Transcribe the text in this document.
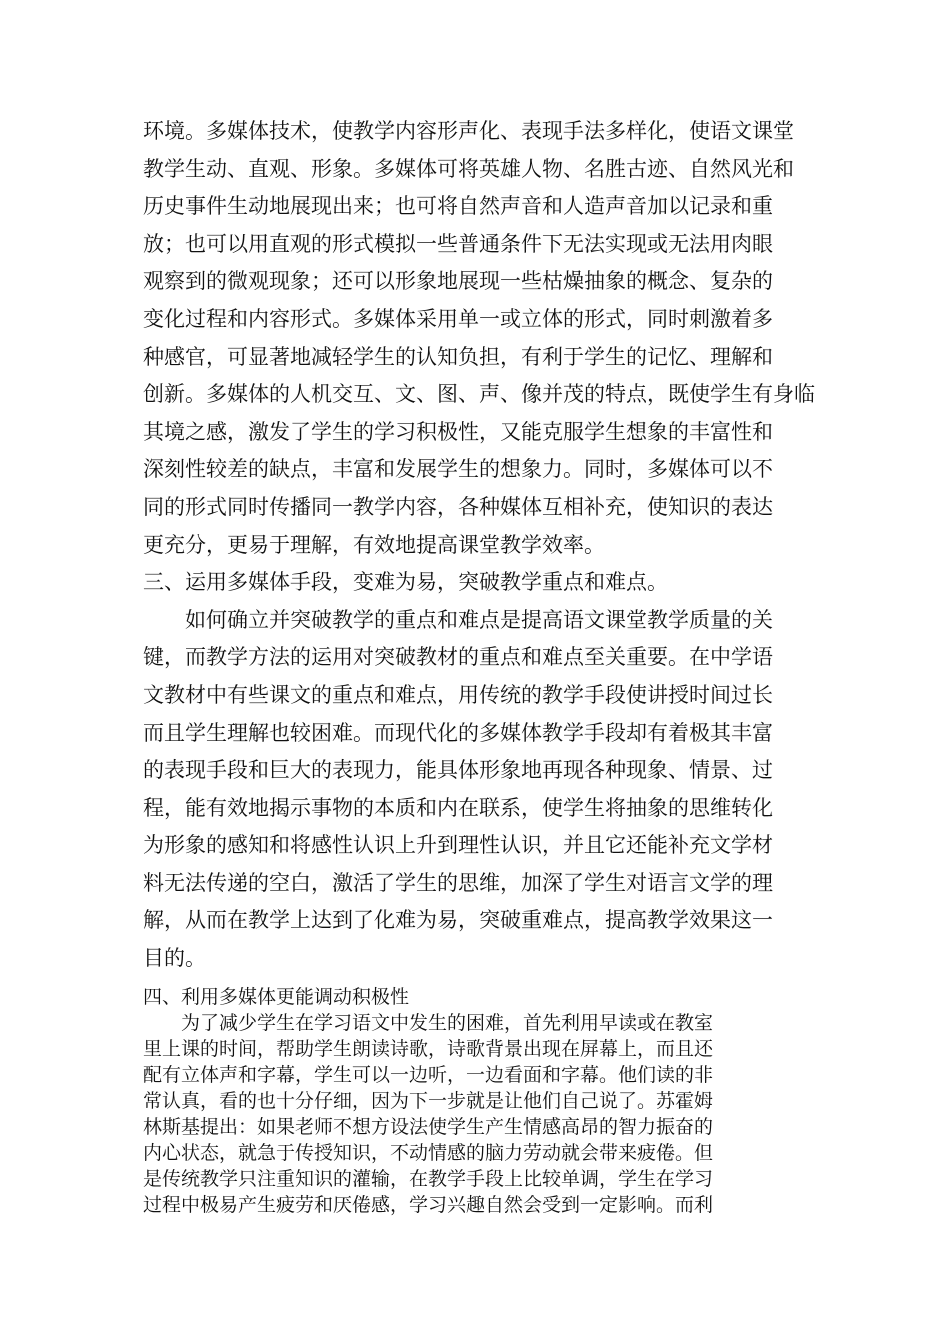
环境。多媒体技术，使教学内容形声化、表现手法多样化，使语文课堂
教学生动、直观、形象。多媒体可将英雄人物、名胜古迹、自然风光和
历史事件生动地展现出来；也可将自然声音和人造声音加以记录和重
放；也可以用直观的形式模拟一些普通条件下无法实现或无法用肉眼
观察到的微观现象；还可以形象地展现一些枯燥抽象的概念、复杂的
变化过程和内容形式。多媒体采用单一或立体的形式，同时刺激着多
种感官，可显著地减轻学生的认知负担，有利于学生的记忆、理解和
创新。多媒体的人机交互、文、图、声、像并茂的特点，既使学生有身临
其境之感，激发了学生的学习积极性，又能克服学生想象的丰富性和
深刻性较差的缺点，丰富和发展学生的想象力。同时，多媒体可以不
同的形式同时传播同一教学内容，各种媒体互相补充，使知识的表达
更充分，更易于理解，有效地提高课堂教学效率。

三、运用多媒体手段，变难为易，突破教学重点和难点。

如何确立并突破教学的重点和难点是提高语文课堂教学质量的关
键，而教学方法的运用对突破教材的重点和难点至关重要。在中学语
文教材中有些课文的重点和难点，用传统的教学手段使讲授时间过长
而且学生理解也较困难。而现代化的多媒体教学手段却有着极其丰富
的表现手段和巨大的表现力，能具体形象地再现各种现象、情景、过
程，能有效地揭示事物的本质和内在联系，使学生将抽象的思维转化
为形象的感知和将感性认识上升到理性认识，并且它还能补充文学材
料无法传递的空白，激活了学生的思维，加深了学生对语言文学的理
解，从而在教学上达到了化难为易，突破重难点，提高教学效果这一
目的。

四、利用多媒体更能调动积极性

为了减少学生在学习语文中发生的困难，首先利用早读或在教室
里上课的时间，帮助学生朗读诗歌，诗歌背景出现在屏幕上，而且还
配有立体声和字幕，学生可以一边听，一边看面和字幕。他们读的非
常认真，看的也十分仔细，因为下一步就是让他们自己说了。苏霍姆
林斯基提出：如果老师不想方设法使学生产生情感高昂的智力振奋的
内心状态，就急于传授知识，不动情感的脑力劳动就会带来疲倦。但
是传统教学只注重知识的灌输，在教学手段上比较单调，学生在学习
过程中极易产生疲劳和厌倦感，学习兴趣自然会受到一定影响。而利
